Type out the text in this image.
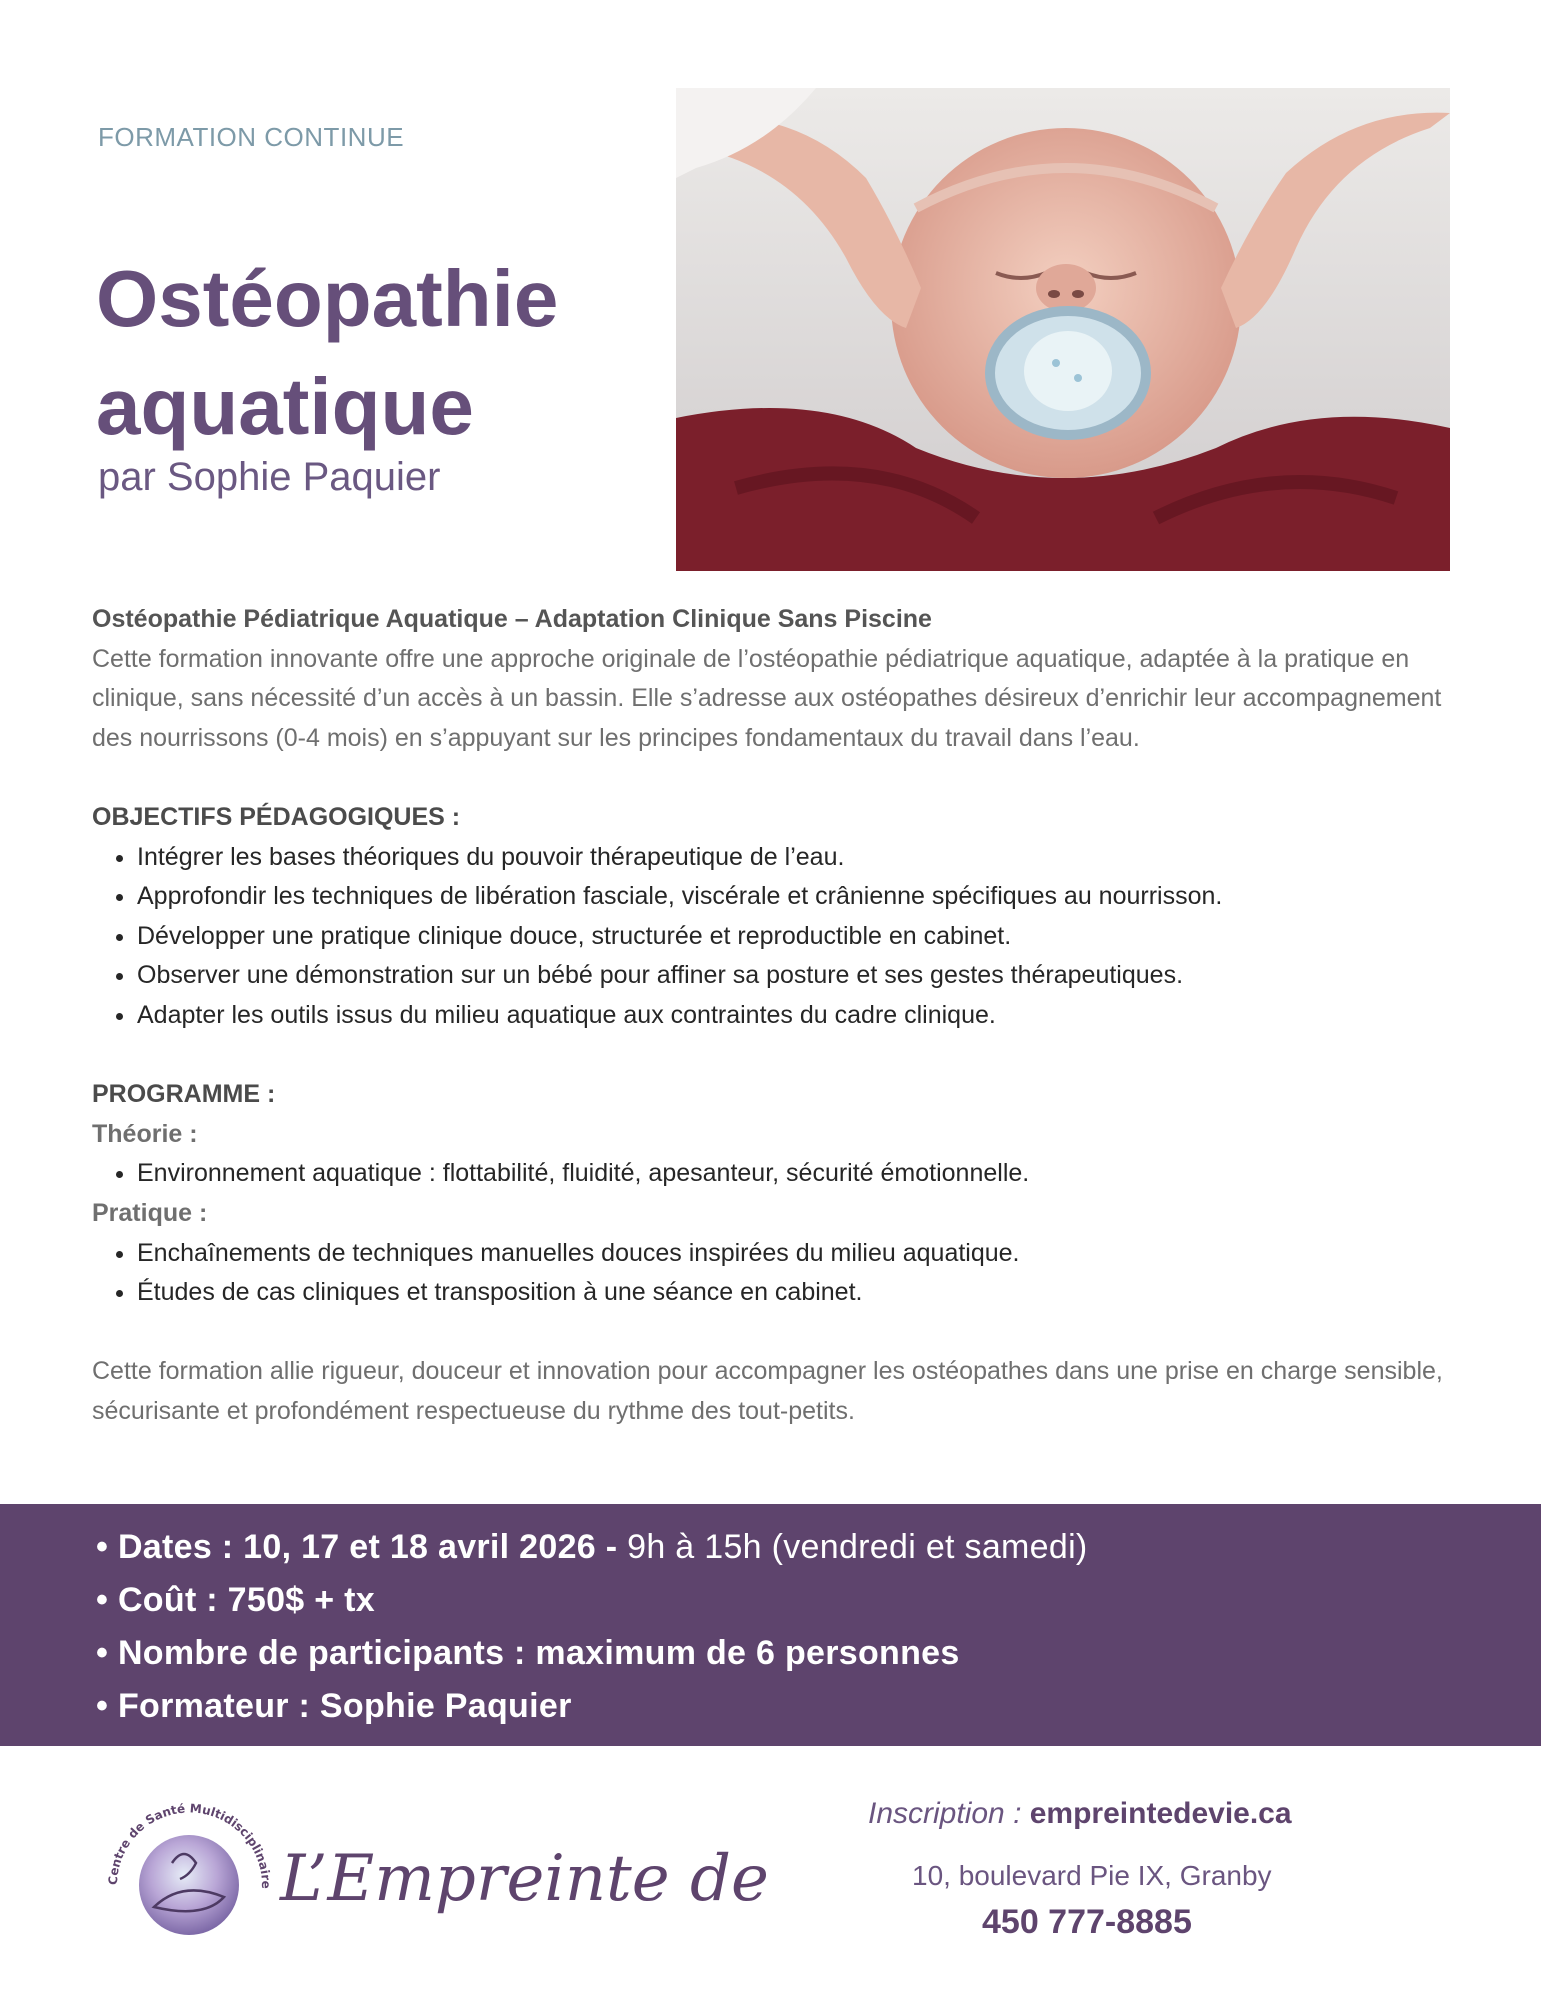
FORMATION CONTINUE
Ostéopathie
aquatique
par Sophie Paquier

Ostéopathie Pédiatrique Aquatique – Adaptation Clinique Sans Piscine

Cette formation innovante offre une approche originale de l’ostéopathie pédiatrique aquatique, adaptée à la pratique en clinique, sans nécessité d’un accès à un bassin. Elle s’adresse aux ostéopathes désireux d’enrichir leur accompagnement des nourrissons (0-4 mois) en s’appuyant sur les principes fondamentaux du travail dans l’eau.

OBJECTIFS PÉDAGOGIQUES :

• Intégrer les bases théoriques du pouvoir thérapeutique de l’eau.
• Approfondir les techniques de libération fasciale, viscérale et crânienne spécifiques au nourrisson.
• Développer une pratique clinique douce, structurée et reproductible en cabinet.
• Observer une démonstration sur un bébé pour affiner sa posture et ses gestes thérapeutiques.
• Adapter les outils issus du milieu aquatique aux contraintes du cadre clinique.

PROGRAMME :

Théorie :

• Environnement aquatique : flottabilité, fluidité, apesanteur, sécurité émotionnelle.

Pratique :

• Enchaînements de techniques manuelles douces inspirées du milieu aquatique.
• Études de cas cliniques et transposition à une séance en cabinet.

Cette formation allie rigueur, douceur et innovation pour accompagner les ostéopathes dans une prise en charge sensible, sécurisante et profondément respectueuse du rythme des tout-petits.

• Dates : 10, 17 et 18 avril 2026 - 9h à 15h (vendredi et samedi)
• Coût : 750$ + tx
• Nombre de participants : maximum de 6 personnes
• Formateur : Sophie Paquier
Centre de Santé Multidisciplinaire L’Empreinte de
Inscription : empreintedevie.ca
10, boulevard Pie IX, Granby
450 777-8885
